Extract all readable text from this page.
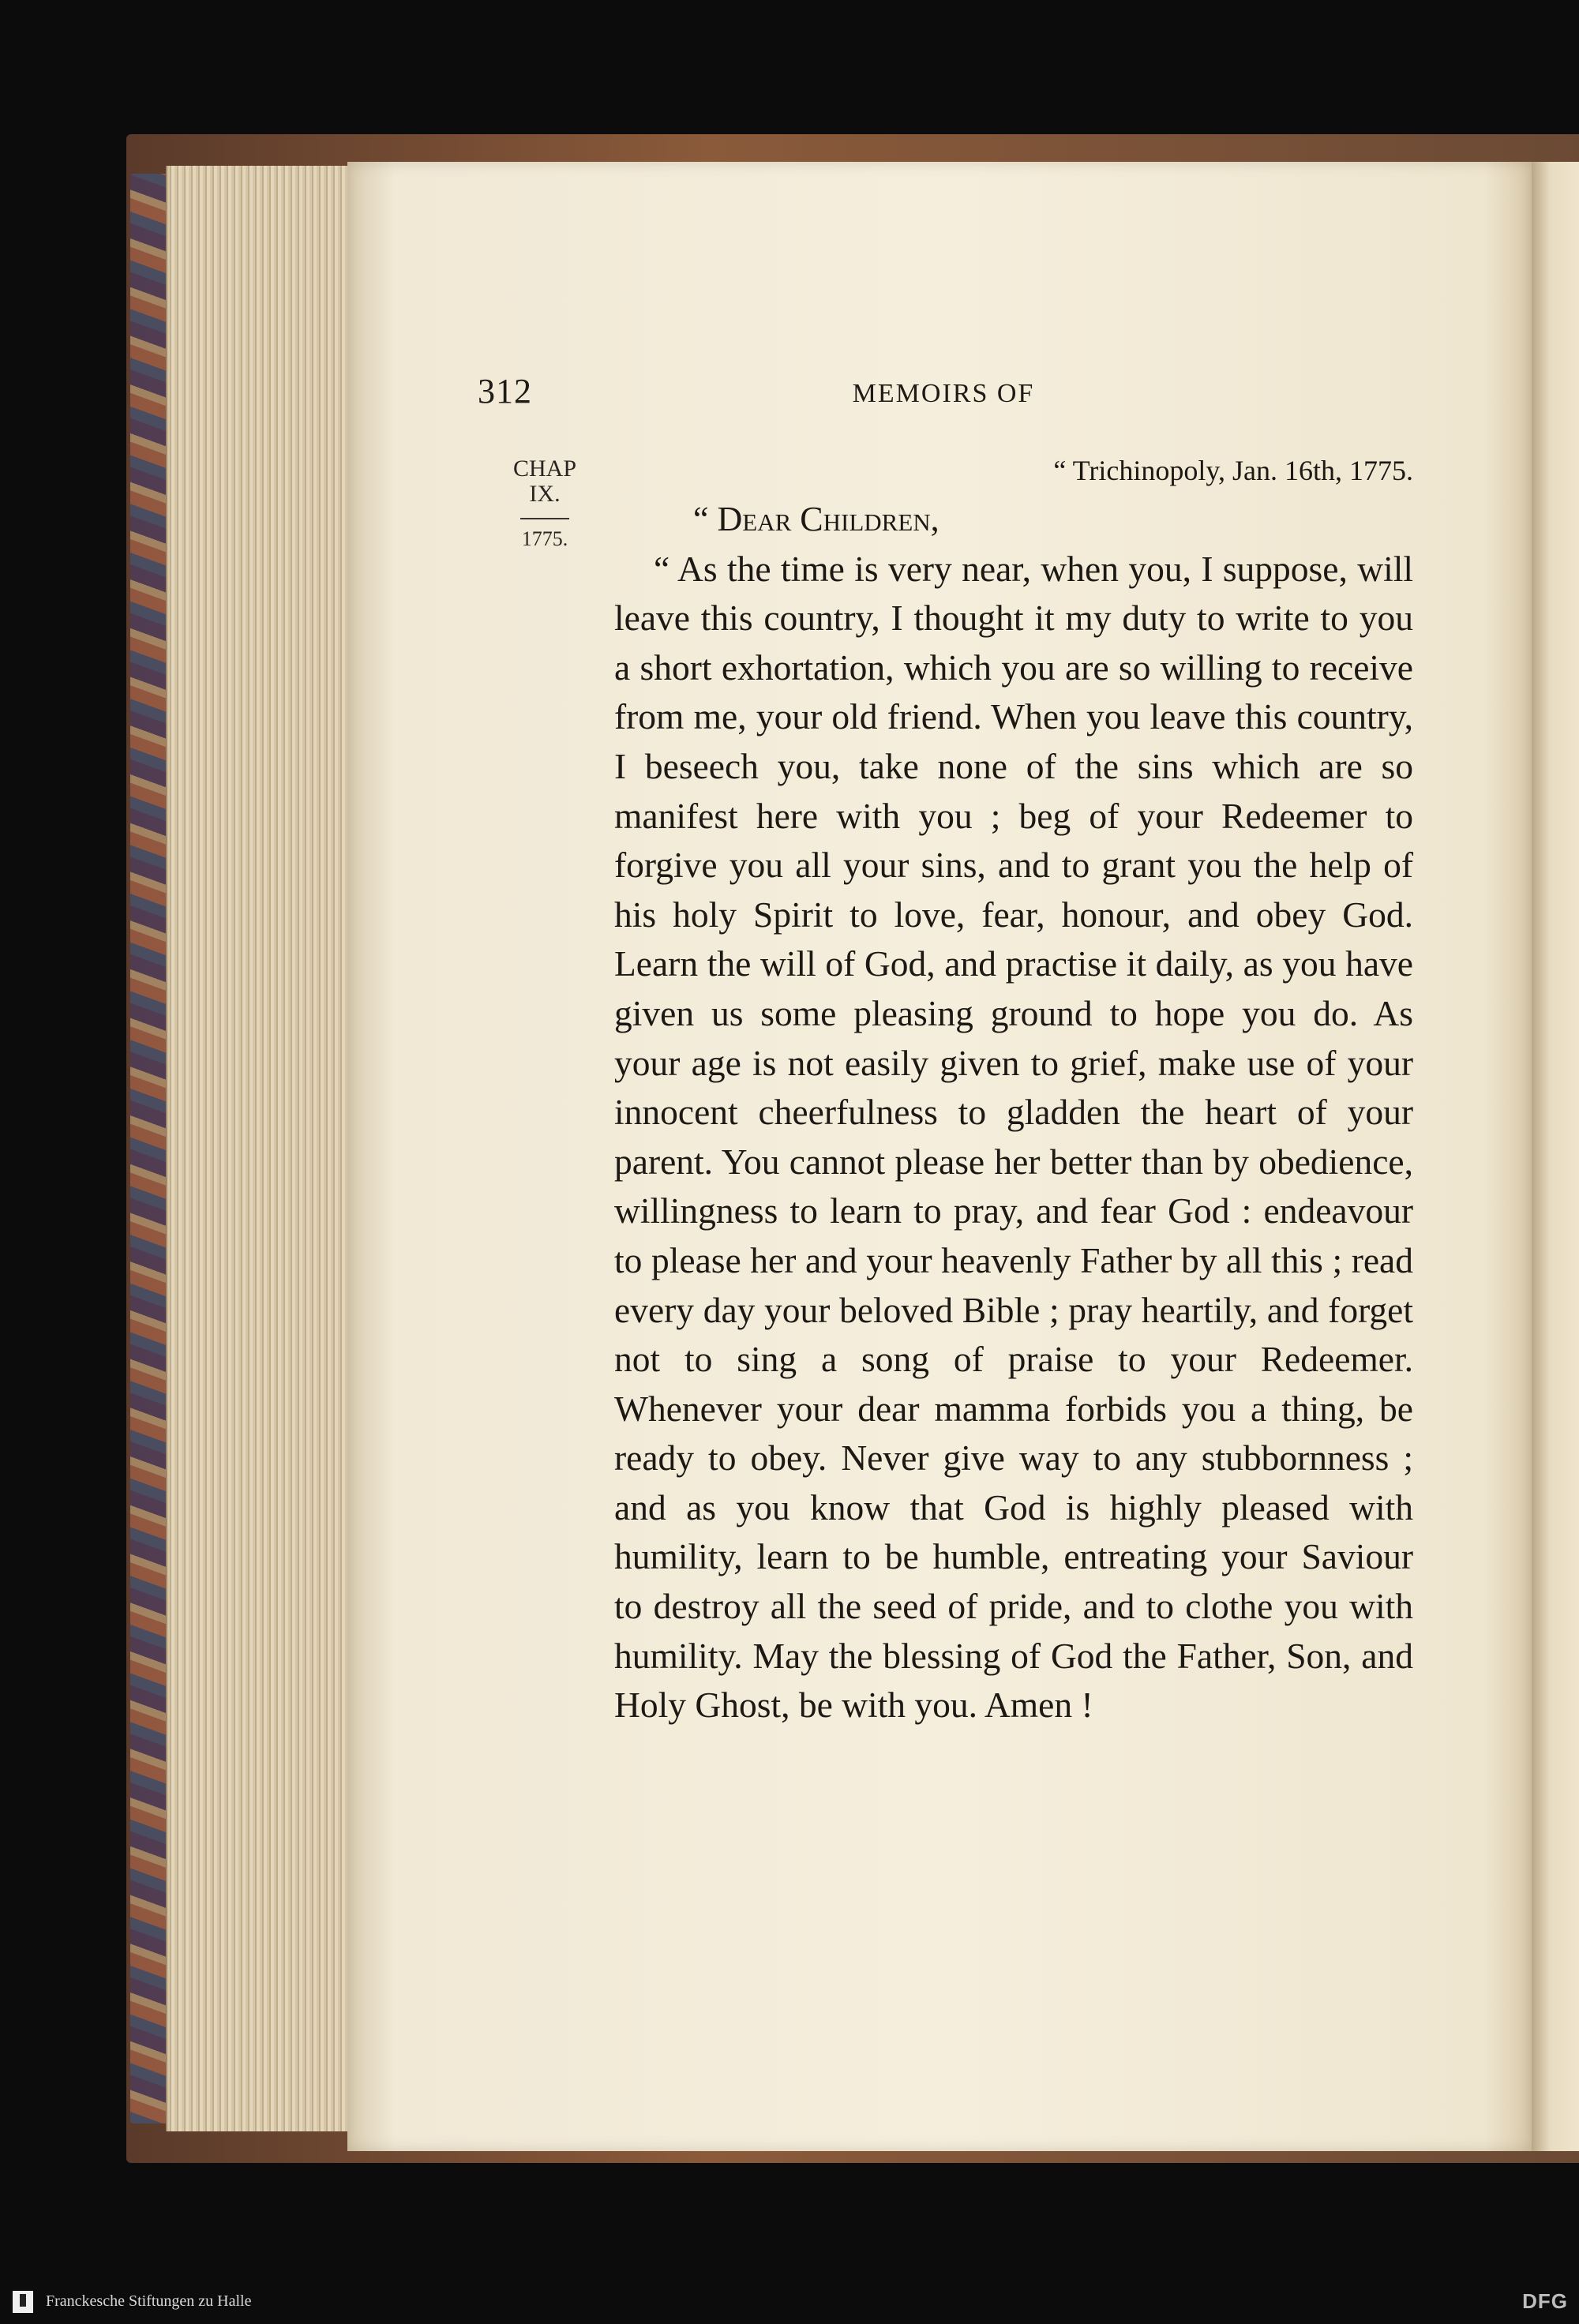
312	MEMOIRS OF
CHAP
IX.
1775.
“ Trichinopoly, Jan. 16th, 1775.
“ Dear Children,

“ As the time is very near, when you, I suppose, will leave this country, I thought it my duty to write to you a short exhortation, which you are so willing to receive from me, your old friend. When you leave this country, I beseech you, take none of the sins which are so manifest here with you ; beg of your Redeemer to forgive you all your sins, and to grant you the help of his holy Spirit to love, fear, honour, and obey God. Learn the will of God, and practise it daily, as you have given us some pleasing ground to hope you do. As your age is not easily given to grief, make use of your innocent cheerfulness to gladden the heart of your parent. You cannot please her better than by obedience, willingness to learn to pray, and fear God : endeavour to please her and your heavenly Father by all this ; read every day your beloved Bible ; pray heartily, and forget not to sing a song of praise to your Redeemer. Whenever your dear mamma forbids you a thing, be ready to obey. Never give way to any stubbornness ; and as you know that God is highly pleased with humility, learn to be humble, entreating your Saviour to destroy all the seed of pride, and to clothe you with humility. May the blessing of God the Father, Son, and Holy Ghost, be with you. Amen !

Franckesche Stiftungen zu Halle	DFG
